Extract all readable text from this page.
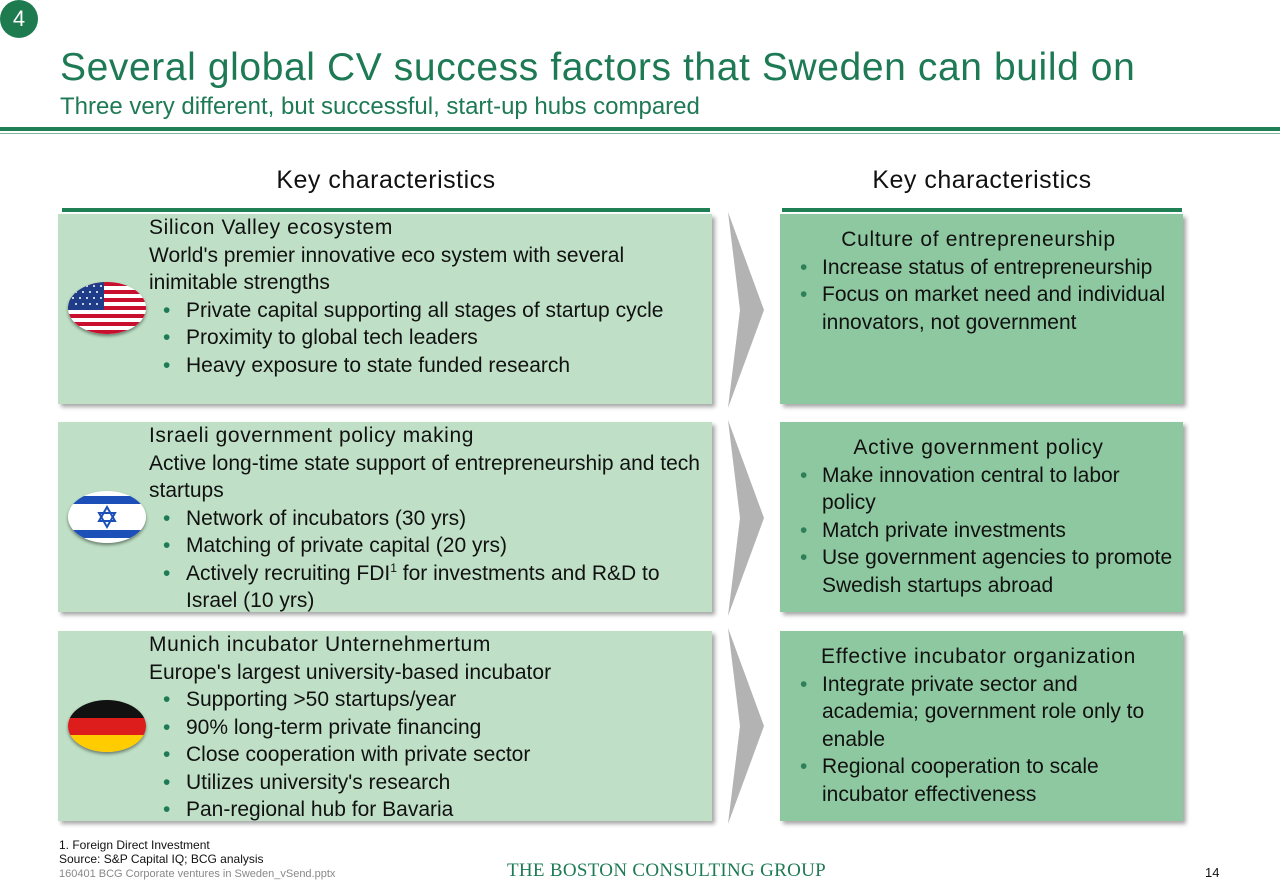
4
Several global CV success factors that Sweden can build on
Three very different, but successful, start-up hubs compared
Key characteristics	Key characteristics
Silicon Valley ecosystem
World's premier innovative eco system with several inimitable strengths
• Private capital supporting all stages of startup cycle
• Proximity to global tech leaders
• Heavy exposure to state funded research
Israeli government policy making
Active long-time state support of entrepreneurship and tech startups
• Network of incubators (30 yrs)
• Matching of private capital (20 yrs)
• Actively recruiting FDI$^1$ for investments and R&D to Israel (10 yrs)
Munich incubator Unternehmertum
Europe's largest university-based incubator
• Supporting >50 startups/year
• 90% long-term private financing
• Close cooperation with private sector
• Utilizes university's research
• Pan-regional hub for Bavaria
Culture of entrepreneurship
• Increase status of entrepreneurship
• Focus on market need and individual innovators, not government
Active government policy
• Make innovation central to labor policy
• Match private investments
• Use government agencies to promote Swedish startups abroad
Effective incubator organization
• Integrate private sector and academia; government role only to enable
• Regional cooperation to scale incubator effectiveness
1. Foreign Direct Investment
Source: S&P Capital IQ; BCG analysis
160401 BCG Corporate ventures in Sweden_vSend.pptx	THE BOSTON CONSULTING GROUP	14
